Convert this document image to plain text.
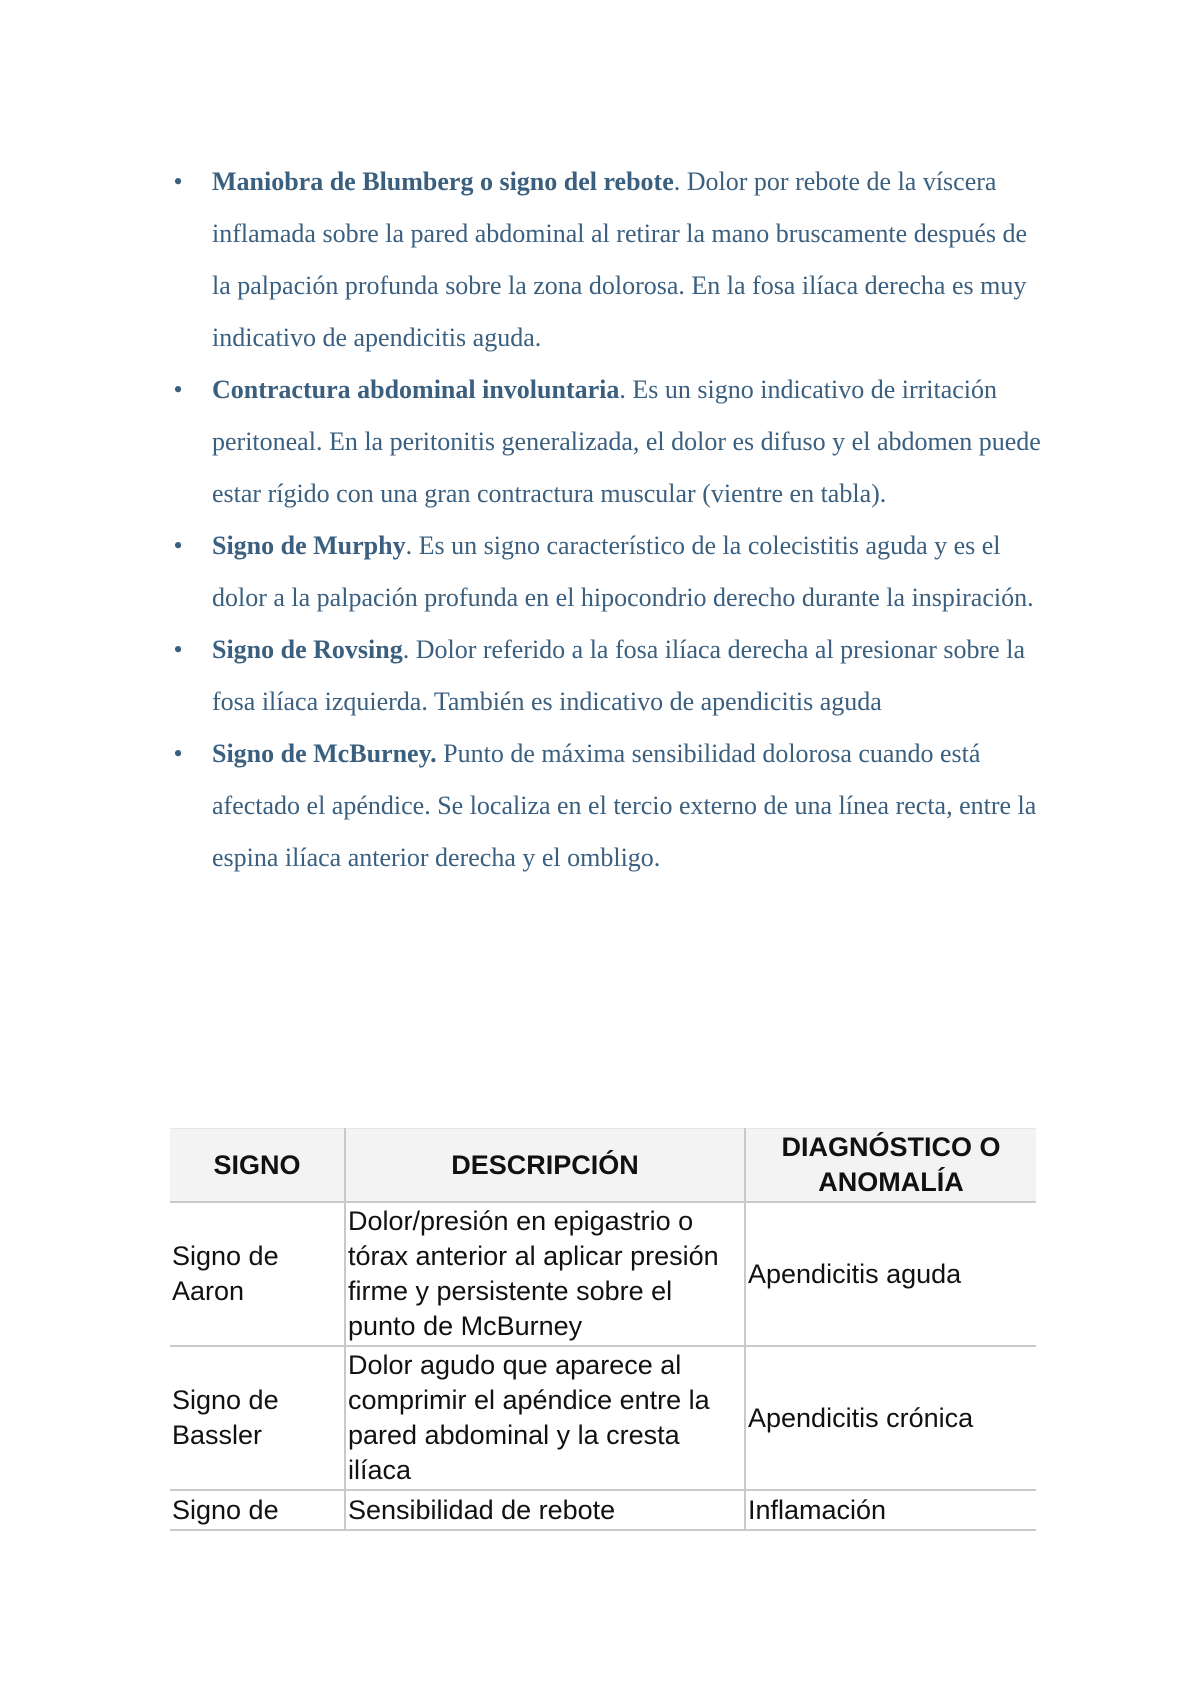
• Maniobra de Blumberg o signo del rebote. Dolor por rebote de la víscera inflamada sobre la pared abdominal al retirar la mano bruscamente después de la palpación profunda sobre la zona dolorosa. En la fosa ilíaca derecha es muy indicativo de apendicitis aguda.
• Contractura abdominal involuntaria. Es un signo indicativo de irritación peritoneal. En la peritonitis generalizada, el dolor es difuso y el abdomen puede estar rígido con una gran contractura muscular (vientre en tabla).
• Signo de Murphy. Es un signo característico de la colecistitis aguda y es el dolor a la palpación profunda en el hipocondrio derecho durante la inspiración.
• Signo de Rovsing. Dolor referido a la fosa ilíaca derecha al presionar sobre la fosa ilíaca izquierda. También es indicativo de apendicitis aguda
• Signo de McBurney. Punto de máxima sensibilidad dolorosa cuando está afectado el apéndice. Se localiza en el tercio externo de una línea recta, entre la espina ilíaca anterior derecha y el ombligo.
SIGNO	DESCRIPCIÓN	DIAGNÓSTICO O ANOMALÍA
Signo de Aaron	Dolor/presión en epigastrio o tórax anterior al aplicar presión firme y persistente sobre el punto de McBurney	Apendicitis aguda
Signo de Bassler	Dolor agudo que aparece al comprimir el apéndice entre la pared abdominal y la cresta ilíaca	Apendicitis crónica
Signo de	Sensibilidad de rebote	Inflamación
